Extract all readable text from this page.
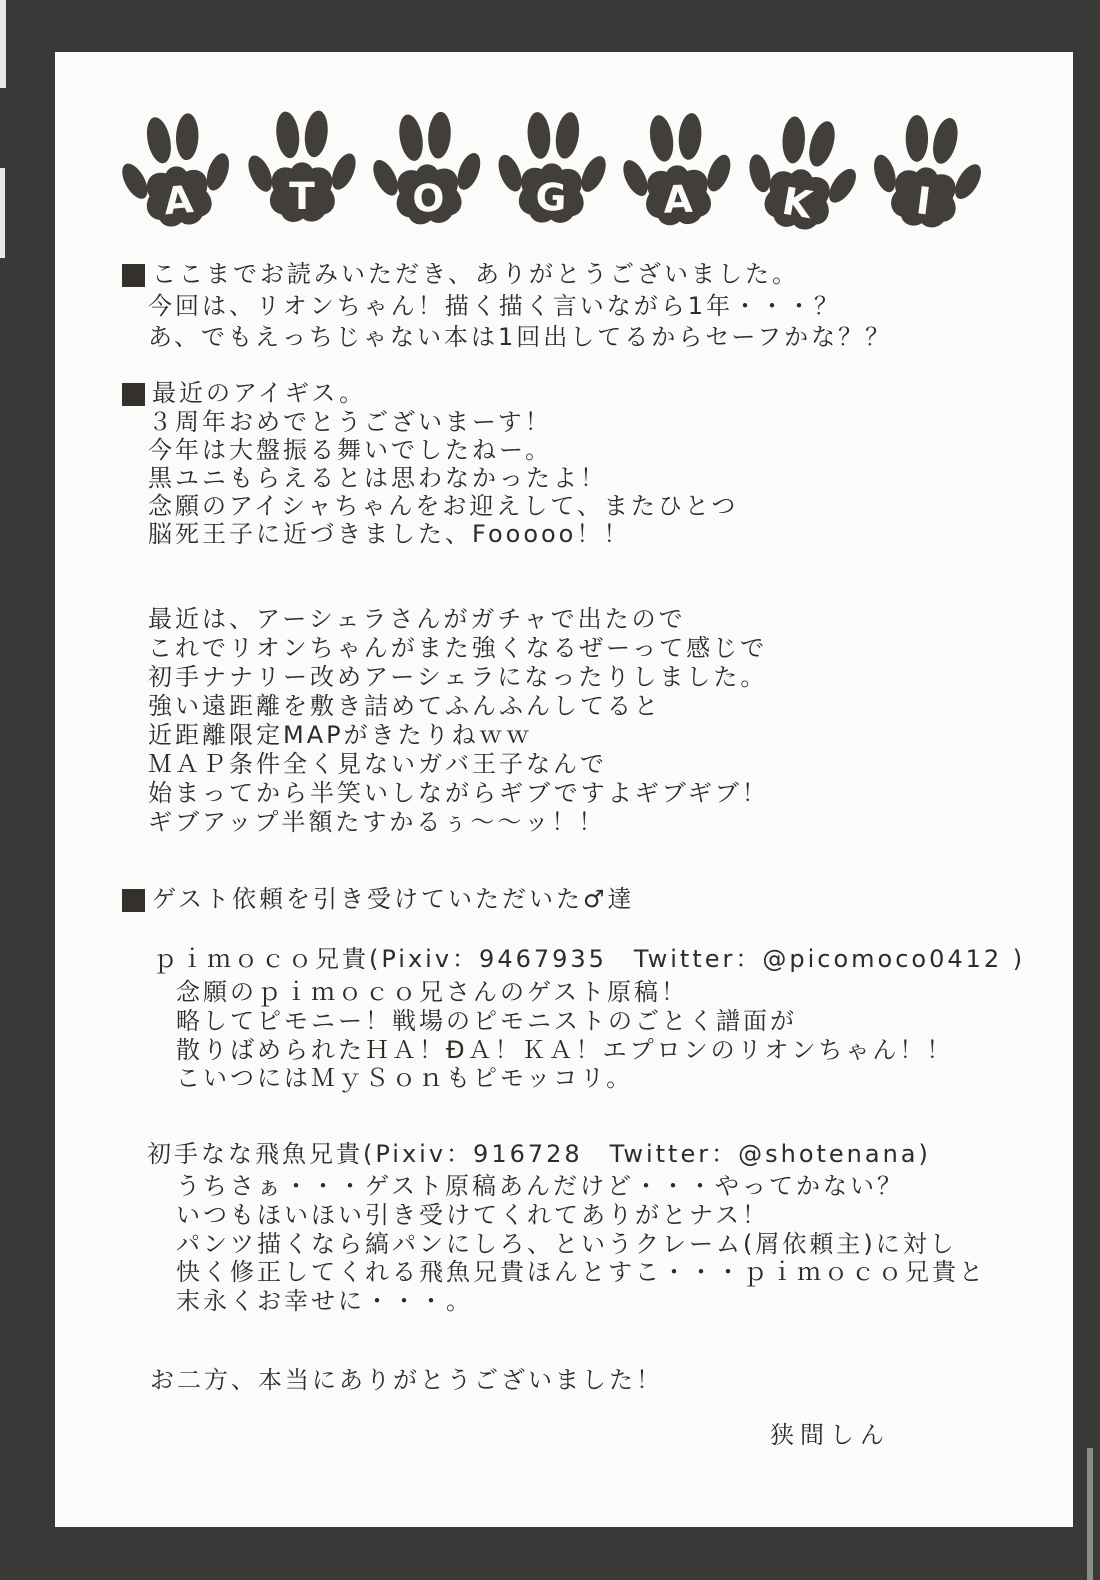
A	T	O G	A K	I
ここまでお読みいただき、ありがとうございました。
今回は、リオンちゃん！描く描く言いながら1年・・・？
あ、でもえっちじゃない本は1回出してるからセーフかな？？
最近のアイギス。
３周年おめでとうございまーす！
今年は大盤振る舞いでしたねー。
黒ユニもらえるとは思わなかったよ！
念願のアイシャちゃんをお迎えして、またひとつ
脳死王子に近づきました、Fooooo！！
最近は、アーシェラさんがガチャで出たので
これでリオンちゃんがまた強くなるぜーって感じで
初手ナナリー改めアーシェラになったりしました。
強い遠距離を敷き詰めてふんふんしてると
近距離限定MAPがきたりねｗｗ
ＭＡＰ条件全く見ないガバ王子なんで
始まってから半笑いしながらギブですよギブギブ！
ギブアップ半額たすかるぅ～～ッ！！
ゲスト依頼を引き受けていただいた♂達
ｐｉｍｏｃｏ兄貴(Pixiv：9467935　Twitter：@picomoco0412 )
念願のｐｉｍｏｃｏ兄さんのゲスト原稿！
略してピモニー！戦場のピモニストのごとく譜面が
散りばめられたＨＡ！ĐＡ！ＫＡ！エプロンのリオンちゃん！！
こいつにはＭｙＳｏｎもピモッコリ。
初手なな飛魚兄貴(Pixiv：916728　Twitter：@shotenana)
うちさぁ・・・ゲスト原稿あんだけど・・・やってかない？
いつもほいほい引き受けてくれてありがとナス！
パンツ描くなら縞パンにしろ、というクレーム(屑依頼主)に対し
快く修正してくれる飛魚兄貴ほんとすこ・・・ｐｉｍｏｃｏ兄貴と
末永くお幸せに・・・。
お二方、本当にありがとうございました！
狭間しん
